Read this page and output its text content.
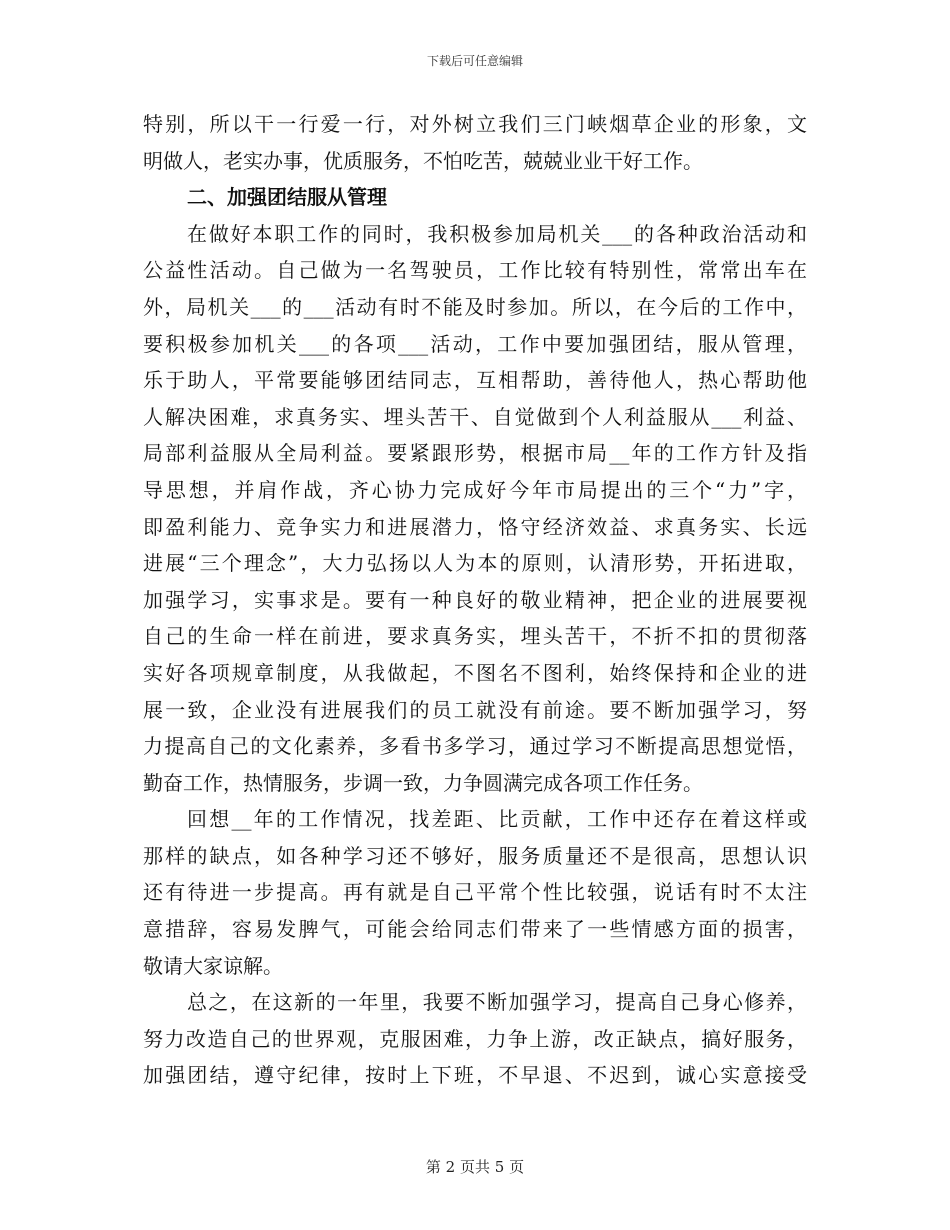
下载后可任意编辑
特别，所以干一行爱一行，对外树立我们三门峡烟草企业的形象，文
明做人，老实办事，优质服务，不怕吃苦，兢兢业业干好工作。
二、加强团结服从管理
在做好本职工作的同时，我积极参加局机关___的各种政治活动和
公益性活动。自己做为一名驾驶员，工作比较有特别性，常常出车在
外，局机关___的___活动有时不能及时参加。所以，在今后的工作中，
要积极参加机关___的各项___活动，工作中要加强团结，服从管理，
乐于助人，平常要能够团结同志，互相帮助，善待他人，热心帮助他
人解决困难，求真务实、埋头苦干、自觉做到个人利益服从___利益、
局部利益服从全局利益。要紧跟形势，根据市局__年的工作方针及指
导思想，并肩作战，齐心协力完成好今年市局提出的三个“力”字，
即盈利能力、竞争实力和进展潜力，恪守经济效益、求真务实、长远
进展“三个理念”，大力弘扬以人为本的原则，认清形势，开拓进取，
加强学习，实事求是。要有一种良好的敬业精神，把企业的进展要视
自己的生命一样在前进，要求真务实，埋头苦干，不折不扣的贯彻落
实好各项规章制度，从我做起，不图名不图利，始终保持和企业的进
展一致，企业没有进展我们的员工就没有前途。要不断加强学习，努
力提高自己的文化素养，多看书多学习，通过学习不断提高思想觉悟，
勤奋工作，热情服务，步调一致，力争圆满完成各项工作任务。
回想__年的工作情况，找差距、比贡献，工作中还存在着这样或
那样的缺点，如各种学习还不够好，服务质量还不是很高，思想认识
还有待进一步提高。再有就是自己平常个性比较强，说话有时不太注
意措辞，容易发脾气，可能会给同志们带来了一些情感方面的损害，
敬请大家谅解。
总之，在这新的一年里，我要不断加强学习，提高自己身心修养，
努力改造自己的世界观，克服困难，力争上游，改正缺点，搞好服务，
加强团结，遵守纪律，按时上下班，不早退、不迟到，诚心实意接受
第 2 页共 5 页
